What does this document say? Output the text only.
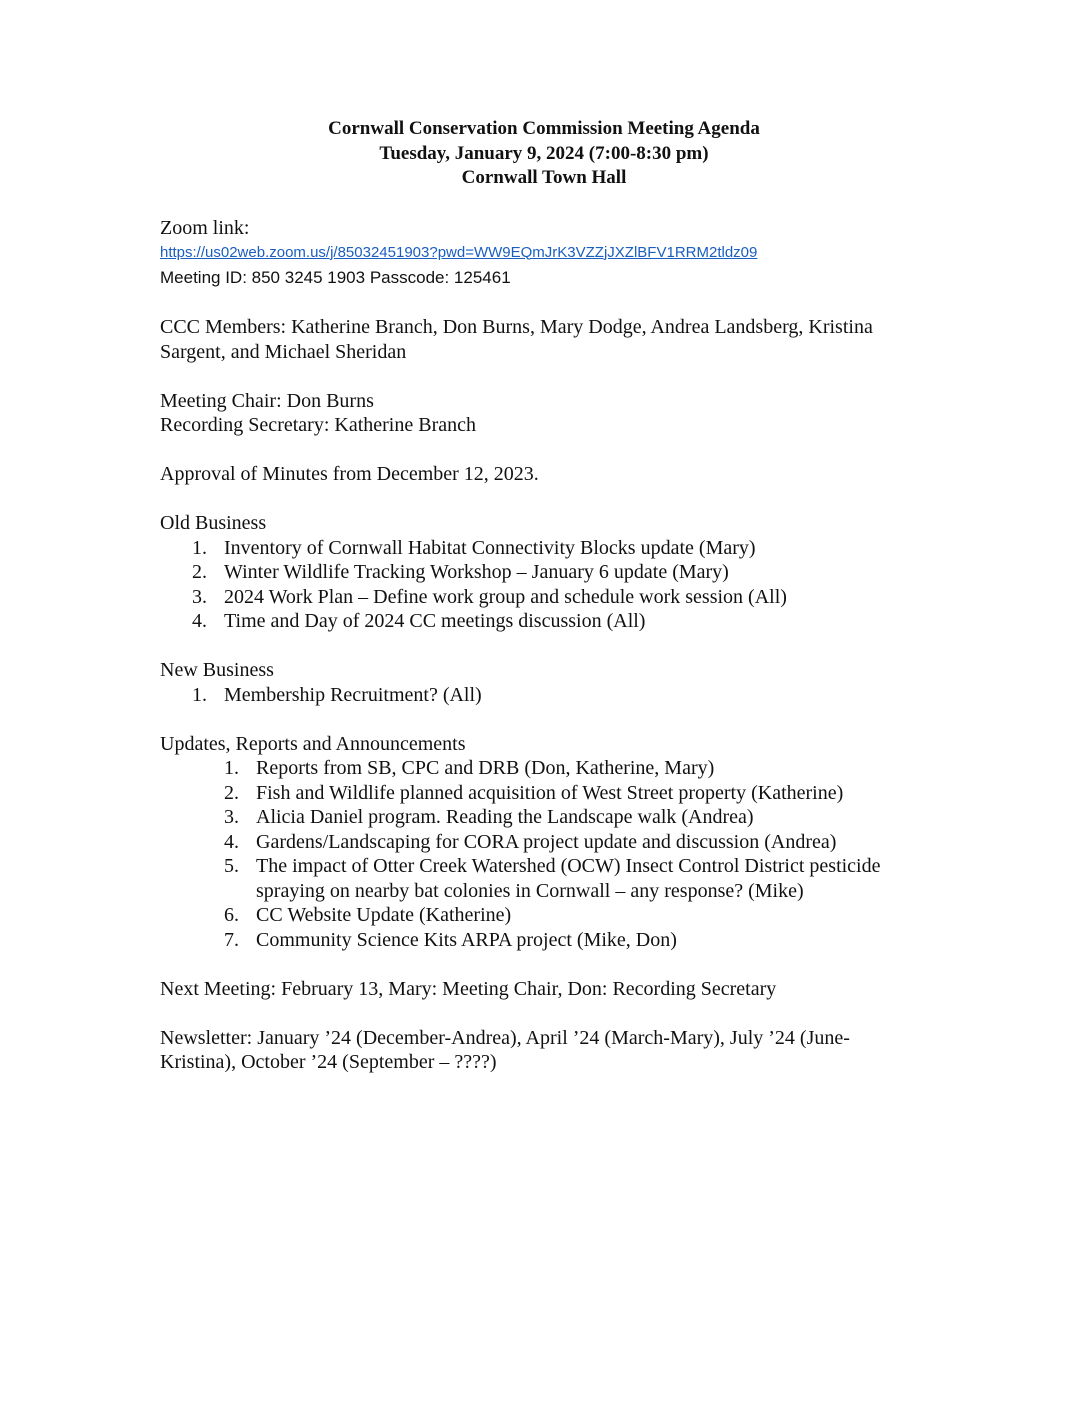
Cornwall Conservation Commission Meeting Agenda
Tuesday, January 9, 2024 (7:00-8:30 pm)
Cornwall Town Hall
Zoom link:
https://us02web.zoom.us/j/85032451903?pwd=WW9EQmJrK3VZZjJXZlBFV1RRM2tldz09
Meeting ID: 850 3245 1903 Passcode: 125461
CCC Members: Katherine Branch, Don Burns, Mary Dodge, Andrea Landsberg, Kristina
Sargent, and Michael Sheridan
Meeting Chair: Don Burns
Recording Secretary: Katherine Branch
Approval of Minutes from December 12, 2023.
Old Business
1. Inventory of Cornwall Habitat Connectivity Blocks update (Mary)
2. Winter Wildlife Tracking Workshop – January 6 update (Mary)
3. 2024 Work Plan – Define work group and schedule work session (All)
4. Time and Day of 2024 CC meetings discussion (All)
New Business
1. Membership Recruitment? (All)
Updates, Reports and Announcements
1. Reports from SB, CPC and DRB (Don, Katherine, Mary)
2. Fish and Wildlife planned acquisition of West Street property (Katherine)
3. Alicia Daniel program. Reading the Landscape walk (Andrea)
4. Gardens/Landscaping for CORA project update and discussion (Andrea)
5. The impact of Otter Creek Watershed (OCW) Insect Control District pesticide
spraying on nearby bat colonies in Cornwall – any response? (Mike)
6. CC Website Update (Katherine)
7. Community Science Kits ARPA project (Mike, Don)
Next Meeting: February 13, Mary: Meeting Chair, Don: Recording Secretary
Newsletter: January ’24 (December-Andrea), April ’24 (March-Mary), July ’24 (June-
Kristina), October ’24 (September – ????)
